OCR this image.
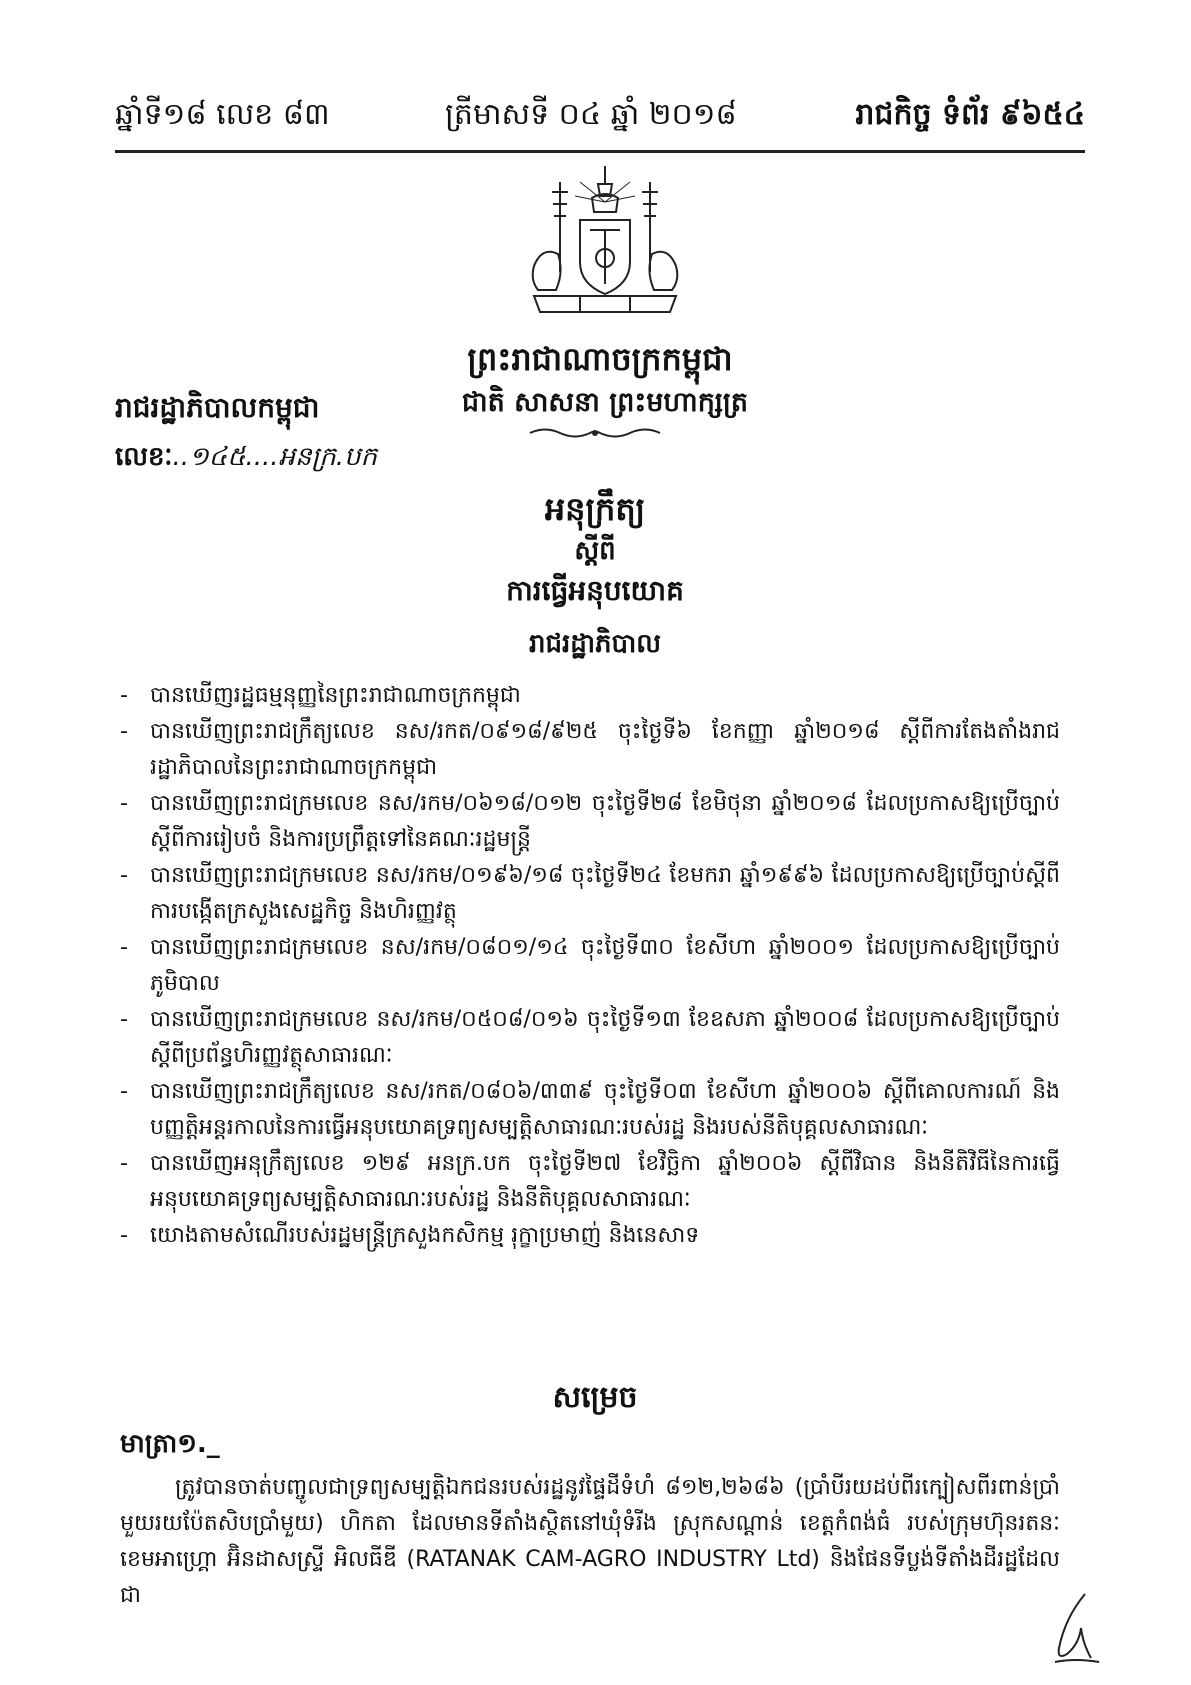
ឆ្នាំទី១៨ លេខ ៨៣	ត្រីមាសទី ០៤ ឆ្នាំ ២០១៨	រាជកិច្ច ទំព័រ ៩៦៥៤
ព្រះរាជាណាចក្រកម្ពុជា
ជាតិ សាសនា ព្រះមហាក្សត្រ
រាជរដ្ឋាភិបាលកម្ពុជា
លេខៈ..១៤៥....អនក្រ.បក
អនុក្រឹត្យ
ស្តីពី
ការធ្វើអនុបយោគ
រាជរដ្ឋាភិបាល
- បានឃើញរដ្ឋធម្មនុញ្ញនៃព្រះរាជាណាចក្រកម្ពុជា
- បានឃើញព្រះរាជក្រឹត្យលេខ នស/រកត/០៩១៨/៩២៥ ចុះថ្ងៃទី៦ ខែកញ្ញា ឆ្នាំ២០១៨ ស្តីពីការតែងតាំងរាជរដ្ឋាភិបាលនៃព្រះរាជាណាចក្រកម្ពុជា
- បានឃើញព្រះរាជក្រមលេខ នស/រកម/០៦១៨/០១២ ចុះថ្ងៃទី២៨ ខែមិថុនា ឆ្នាំ២០១៨ ដែលប្រកាសឱ្យប្រើច្បាប់ស្តីពីការរៀបចំ និងការប្រព្រឹត្តទៅនៃគណៈរដ្ឋមន្ត្រី
- បានឃើញព្រះរាជក្រមលេខ នស/រកម/០១៩៦/១៨ ចុះថ្ងៃទី២៤ ខែមករា ឆ្នាំ១៩៩៦ ដែលប្រកាសឱ្យប្រើច្បាប់ស្តីពីការបង្កើតក្រសួងសេដ្ឋកិច្ច និងហិរញ្ញវត្ថុ
- បានឃើញព្រះរាជក្រមលេខ នស/រកម/០៨០១/១៤ ចុះថ្ងៃទី៣០ ខែសីហា ឆ្នាំ២០០១ ដែលប្រកាសឱ្យប្រើច្បាប់ភូមិបាល
- បានឃើញព្រះរាជក្រមលេខ នស/រកម/០៥០៨/០១៦ ចុះថ្ងៃទី១៣ ខែឧសភា ឆ្នាំ២០០៨ ដែលប្រកាសឱ្យប្រើច្បាប់ស្តីពីប្រព័ន្ធហិរញ្ញវត្ថុសាធារណៈ
- បានឃើញព្រះរាជក្រឹត្យលេខ នស/រកត/០៨០៦/៣៣៩ ចុះថ្ងៃទី០៣ ខែសីហា ឆ្នាំ២០០៦ ស្តីពីគោលការណ៍ និងបញ្ញត្តិអន្តរកាលនៃការធ្វើអនុបយោគទ្រព្យសម្បត្តិសាធារណៈរបស់រដ្ឋ និងរបស់នីតិបុគ្គលសាធារណៈ
- បានឃើញអនុក្រឹត្យលេខ ១២៩ អនក្រ.បក ចុះថ្ងៃទី២៧ ខែវិច្ឆិកា ឆ្នាំ២០០៦ ស្តីពីវិធាន និងនីតិវិធីនៃការធ្វើអនុបយោគទ្រព្យសម្បត្តិសាធារណៈរបស់រដ្ឋ និងនីតិបុគ្គលសាធារណៈ
- យោងតាមសំណើរបស់រដ្ឋមន្ត្រីក្រសួងកសិកម្ម រុក្ខាប្រមាញ់ និងនេសាទ
សម្រេច
មាត្រា១._

ត្រូវបានចាត់បញ្ចូលជាទ្រព្យសម្បត្តិឯកជនរបស់រដ្ឋនូវផ្ទៃដីទំហំ ៨១២,២៦៨៦ (ប្រាំបីរយដប់ពីរក្បៀសពីរពាន់ប្រាំមួយរយប៉ែតសិបប្រាំមួយ) ហិកតា ដែលមានទីតាំងស្ថិតនៅឃុំទំរីង ស្រុកសណ្ដាន់ ខេត្តកំពង់ធំ របស់ក្រុមហ៊ុនរតនៈ ខេមអាហ្គ្រោ អ៊ិនដាសស្ទ្រី អិលធីឌី (RATANAK CAM-AGRO INDUSTRY Ltd) និងផែនទីប្លង់ទីតាំងដីរដ្ឋដែលជា
